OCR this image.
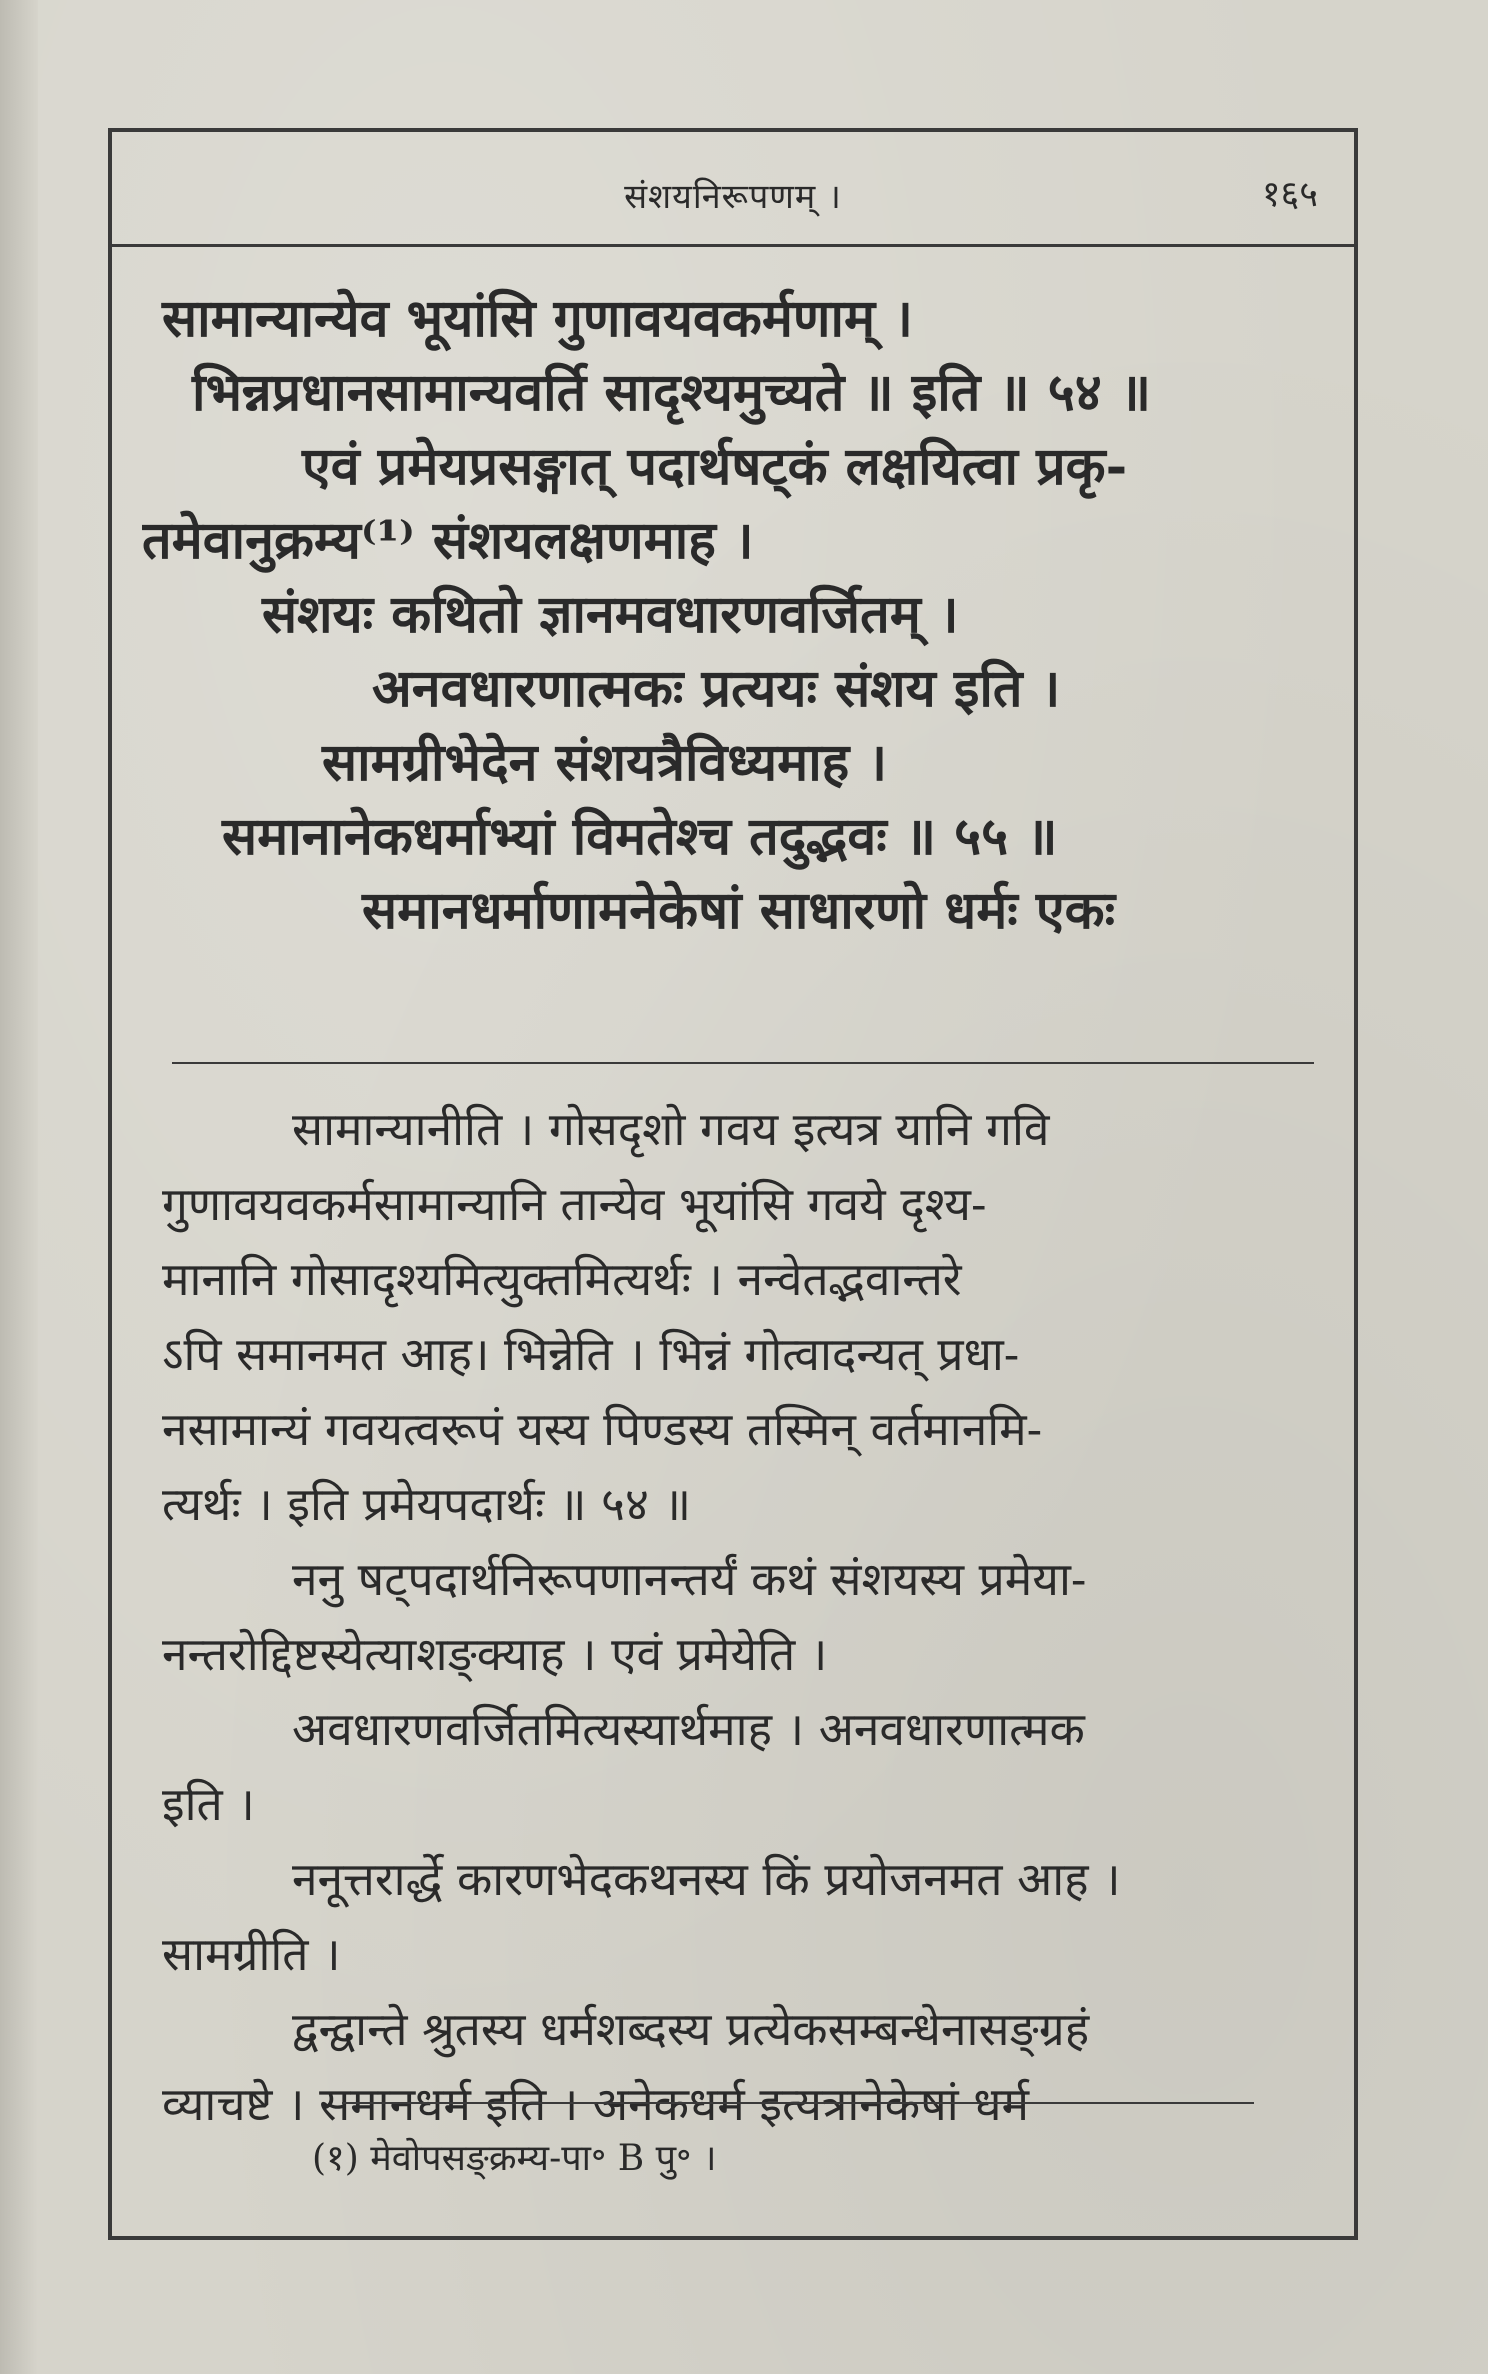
संशयनिरूपणम् ।	१६५
सामान्यान्येव भूयांसि गुणावयवकर्मणाम् ।
भिन्नप्रधानसामान्यवर्ति सादृश्यमुच्यते ॥ इति ॥ ५४ ॥
एवं प्रमेयप्रसङ्गात् पदार्थषट्कं लक्षयित्वा प्रकृ-
तमेवानुक्रम्य⁽¹⁾ संशयलक्षणमाह ।
संशयः कथितो ज्ञानमवधारणवर्जितम् ।
अनवधारणात्मकः प्रत्ययः संशय इति ।
सामग्रीभेदेन संशयत्रैविध्यमाह ।
समानानेकधर्माभ्यां विमतेश्च तदुद्भवः ॥ ५५ ॥
समानधर्माणामनेकेषां साधारणो धर्मः एकः
सामान्यानीति । गोसदृशो गवय इत्यत्र यानि गवि
गुणावयवकर्मसामान्यानि तान्येव भूयांसि गवये दृश्य-
मानानि गोसादृश्यमित्युक्तमित्यर्थः । नन्वेतद्भवान्तरे
ऽपि समानमत आह। भिन्नेति । भिन्नं गोत्वादन्यत् प्रधा-
नसामान्यं गवयत्वरूपं यस्य पिण्डस्य तस्मिन् वर्तमानमि-
त्यर्थः । इति प्रमेयपदार्थः ॥ ५४ ॥
ननु षट्पदार्थनिरूपणानन्तर्यं कथं संशयस्य प्रमेया-
नन्तरोद्दिष्टस्येत्याशङ्क्याह । एवं प्रमेयेति ।
अवधारणवर्जितमित्यस्यार्थमाह । अनवधारणात्मक
इति ।
ननूत्तरार्द्धे कारणभेदकथनस्य किं प्रयोजनमत आह ।
सामग्रीति ।
द्वन्द्वान्ते श्रुतस्य धर्मशब्दस्य प्रत्येकसम्बन्धेनासङ्ग्रहं
व्याचष्टे । समानधर्म इति । अनेकधर्म इत्यत्रानेकेषां धर्म
(१) मेवोपसङ्क्रम्य-पा॰ B पु॰ ।
